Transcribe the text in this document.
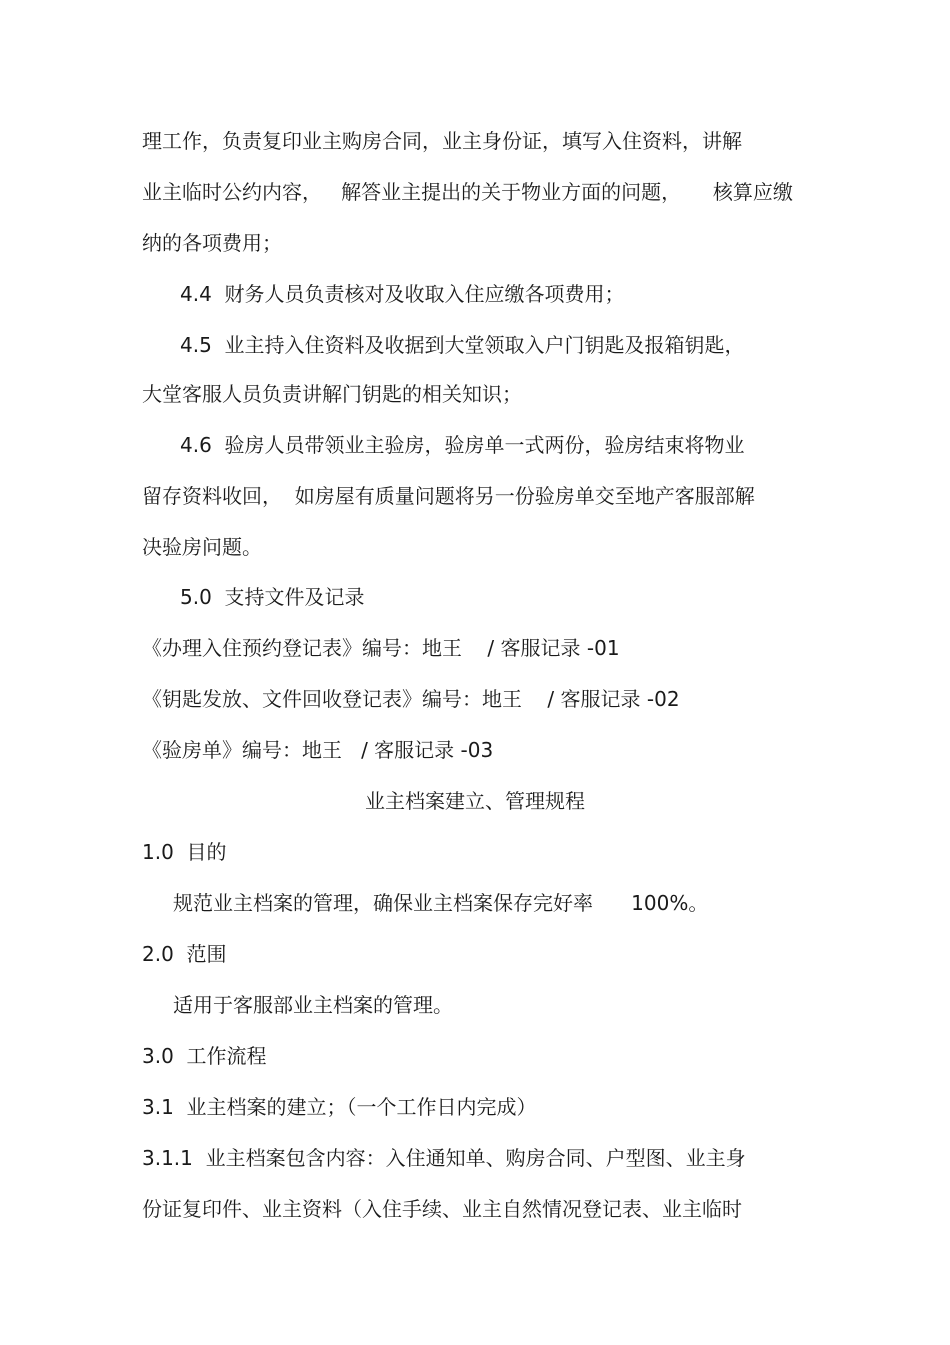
理工作，负责复印业主购房合同，业主身份证，填写入住资料，讲解

业主临时公约内容，   解答业主提出的关于物业方面的问题，     核算应缴

纳的各项费用；

4.4  财务人员负责核对及收取入住应缴各项费用；

4.5  业主持入住资料及收据到大堂领取入户门钥匙及报箱钥匙，

大堂客服人员负责讲解门钥匙的相关知识；

4.6  验房人员带领业主验房，验房单一式两份，验房结束将物业

留存资料收回，  如房屋有质量问题将另一份验房单交至地产客服部解

决验房问题。

5.0  支持文件及记录

《办理入住预约登记表》编号：地王    / 客服记录 -01

《钥匙发放、文件回收登记表》编号：地王    / 客服记录 -02

《验房单》编号：地王   / 客服记录 -03

业主档案建立、管理规程

1.0  目的

规范业主档案的管理，确保业主档案保存完好率      100%。

2.0  范围

适用于客服部业主档案的管理。

3.0  工作流程

3.1  业主档案的建立；（一个工作日内完成）

3.1.1  业主档案包含内容：入住通知单、购房合同、户型图、业主身

份证复印件、业主资料（入住手续、业主自然情况登记表、业主临时
